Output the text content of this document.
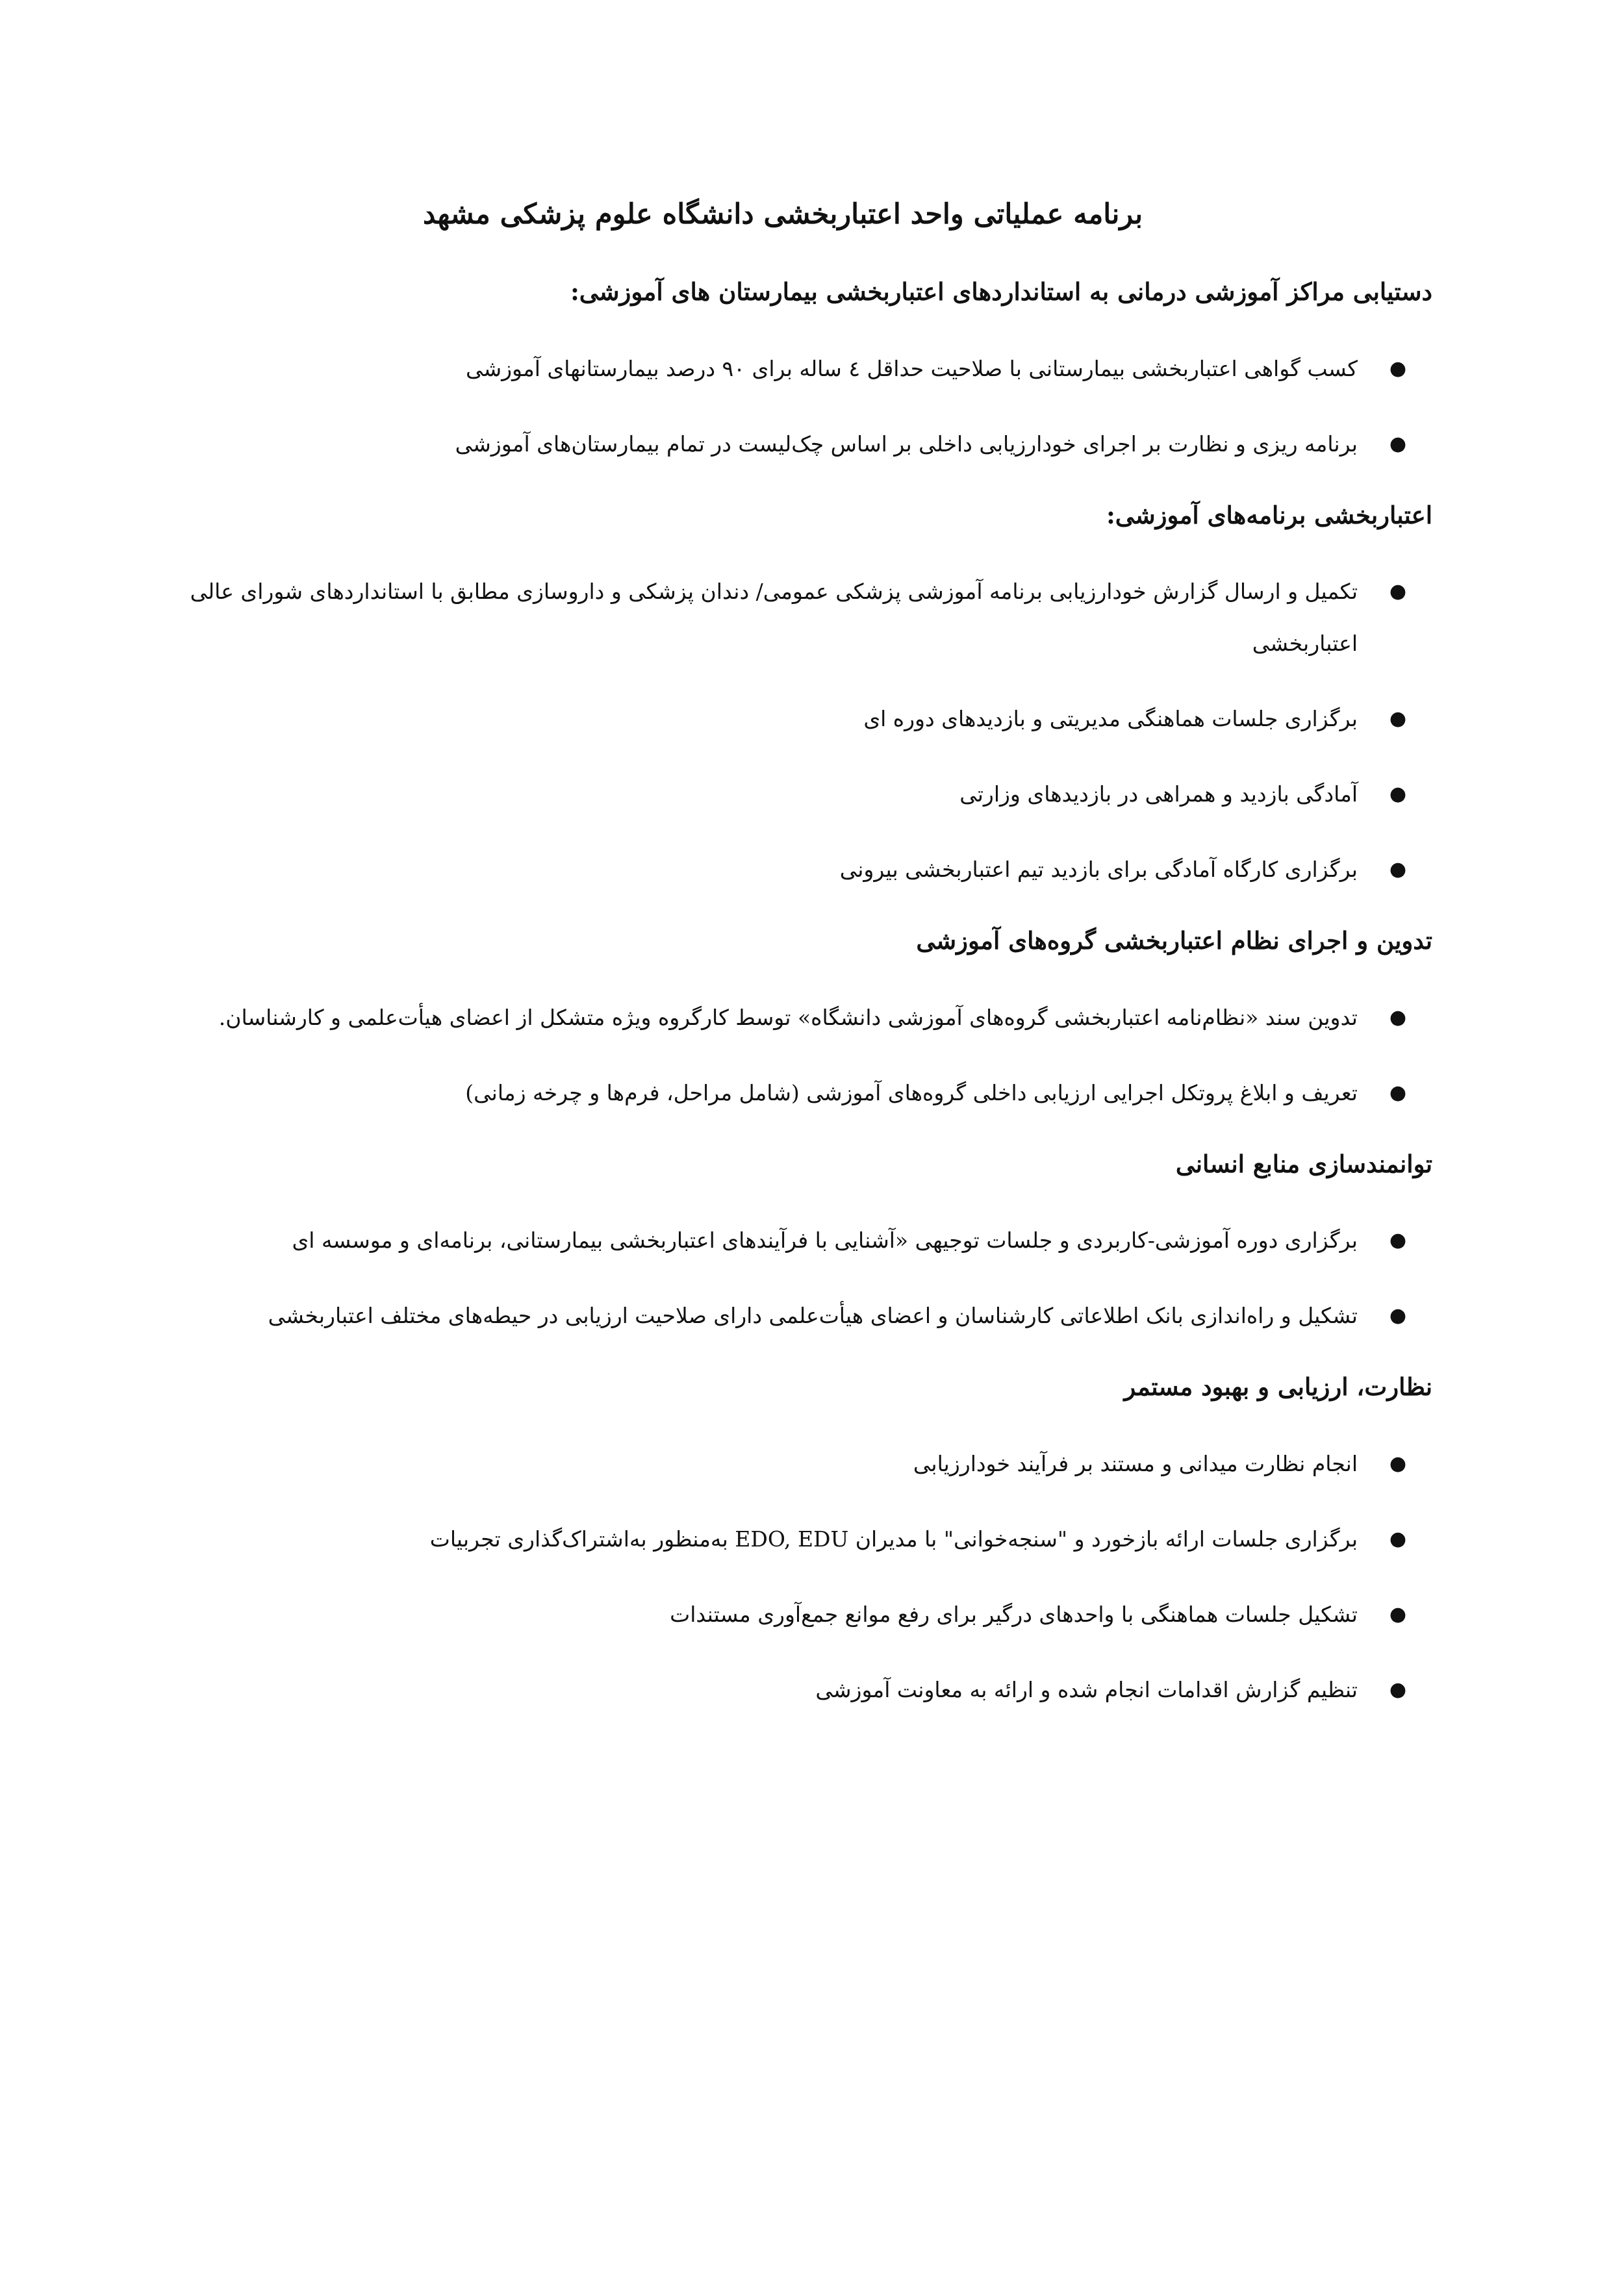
برنامه عملیاتی واحد اعتباربخشی دانشگاه علوم پزشکی مشهد
دستیابی مراکز آموزشی درمانی به استانداردهای اعتباربخشی بیمارستان های آموزشی:
●
کسب گواهی اعتباربخشی بیمارستانی با صلاحیت حداقل ٤ ساله برای ۹۰ درصد بیمارستانهای آموزشی
●
برنامه ریزی و نظارت بر اجرای خودارزیابی داخلی بر اساس چک‌لیست در تمام بیمارستان‌های آموزشی
اعتباربخشی برنامه‌های آموزشی:
●
تکمیل و ارسال گزارش خودارزیابی برنامه آموزشی پزشکی عمومی/ دندان پزشکی و داروسازی مطابق با استانداردهای شورای عالی اعتباربخشی
●
برگزاری جلسات هماهنگی مدیریتی و بازدیدهای دوره ای
●
آمادگی بازدید و همراهی در بازدیدهای وزارتی
●
برگزاری کارگاه آمادگی برای بازدید تیم اعتباربخشی بیرونی
تدوین و اجرای نظام اعتباربخشی گروه‌های آموزشی
●
تدوین سند «نظام‌نامه اعتباربخشی گروه‌های آموزشی دانشگاه» توسط کارگروه ویژه متشکل از اعضای هیأت‌علمی و کارشناسان.
●
تعریف و ابلاغ پروتکل اجرایی ارزیابی داخلی گروه‌های آموزشی (شامل مراحل، فرم‌ها و چرخه زمانی)
توانمندسازی منابع انسانی
●
برگزاری دوره آموزشی-کاربردی و جلسات توجیهی «آشنایی با فرآیندهای اعتباربخشی بیمارستانی، برنامه‌ای و موسسه ای
●
تشکیل و راه‌اندازی بانک اطلاعاتی کارشناسان و اعضای هیأت‌علمی دارای صلاحیت ارزیابی در حیطه‌های مختلف اعتباربخشی
نظارت، ارزیابی و بهبود مستمر
●
انجام نظارت میدانی و مستند بر فرآیند خودارزیابی
●
برگزاری جلسات ارائه بازخورد و "سنجه‌خوانی" با مدیران EDO, EDU به‌منظور به‌اشتراک‌گذاری تجربیات
●
تشکیل جلسات هماهنگی با واحدهای درگیر برای رفع موانع جمع‌آوری مستندات
●
تنظیم گزارش اقدامات انجام شده و ارائه به معاونت آموزشی
